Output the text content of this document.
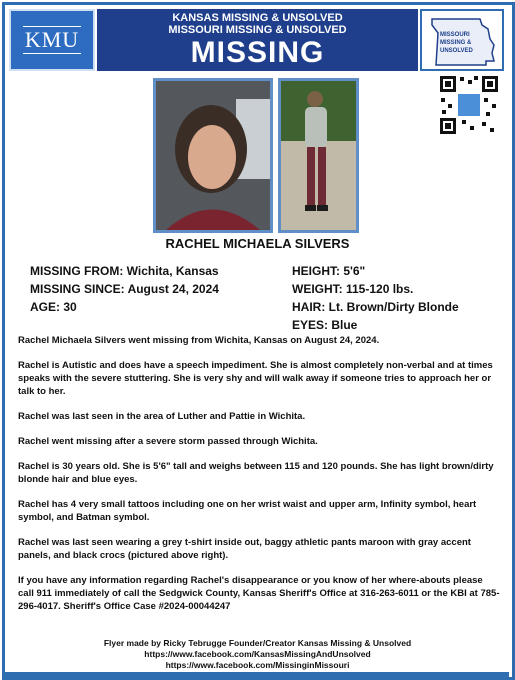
KMU
KANSAS MISSING & UNSOLVED
MISSOURI MISSING & UNSOLVED
MISSING
MISSOURI
MISSING &
UNSOLVED
RACHEL MICHAELA SILVERS
MISSING FROM: Wichita, Kansas
MISSING SINCE: August 24, 2024
AGE: 30
HEIGHT: 5'6"
WEIGHT: 115-120 lbs.
HAIR: Lt. Brown/Dirty Blonde
EYES: Blue

Rachel Michaela Silvers went missing from Wichita, Kansas on August 24, 2024.

Rachel is Autistic and does have a speech impediment. She is almost completely non-verbal and at times speaks with the severe stuttering. She is very shy and will walk away if someone tries to approach her or talk to her.

Rachel was last seen in the area of Luther and Pattie in Wichita.

Rachel went missing after a severe storm passed through Wichita.

Rachel is 30 years old. She is 5'6" tall and weighs between 115 and 120 pounds. She has light brown/dirty blonde hair and blue eyes.

Rachel has 4 very small tattoos including one on her wrist waist and upper arm, Infinity symbol, heart symbol, and Batman symbol.

Rachel was last seen wearing a grey t-shirt inside out, baggy athletic pants maroon with gray accent panels, and black crocs (pictured above right).

If you have any information regarding Rachel's disappearance or you know of her where-abouts please call 911 immediately of call the Sedgwick County, Kansas Sheriff's Office at 316-263-6011 or the KBI at 785-296-4017. Sheriff's Office Case #2024-00044247

Flyer made by Ricky Tebrugge Founder/Creator Kansas Missing & Unsolved
https://www.facebook.com/KansasMissingAndUnsolved
https://www.facebook.com/MissinginMissouri
